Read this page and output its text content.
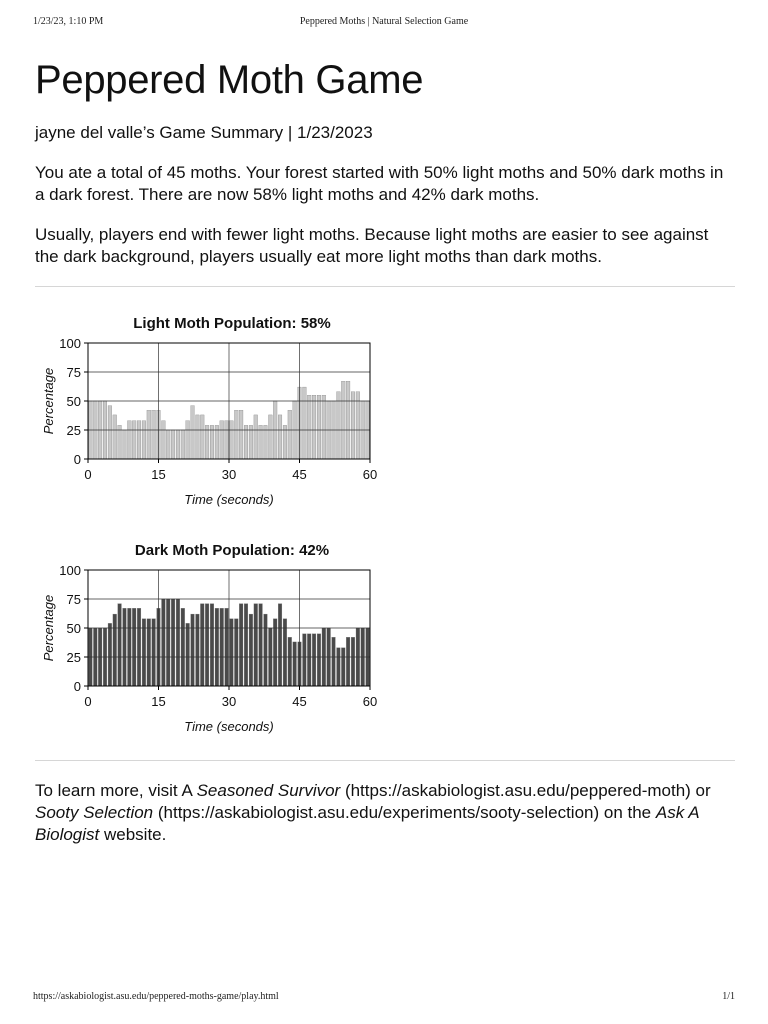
1/23/23, 1:10 PM	Peppered Moths | Natural Selection Game
Peppered Moth Game
jayne del valle’s Game Summary | 1/23/2023

You ate a total of 45 moths. Your forest started with 50% light moths and 50% dark moths in a dark forest. There are now 58% light moths and 42% dark moths.

Usually, players end with fewer light moths. Because light moths are easier to see against the dark background, players usually eat more light moths than dark moths.

Light Moth Population: 58%
0
25
50
75
100
0	15	30	45	60
Time (seconds)
Percentage
Dark Moth Population: 42%
0
25
50
75
100
0	15	30	45	60
Time (seconds)
Percentage
To learn more, visit A Seasoned Survivor (https://askabiologist.asu.edu/peppered-moth) or Sooty Selection (https://askabiologist.asu.edu/experiments/sooty-selection) on the Ask A Biologist website.
https://askabiologist.asu.edu/peppered-moths-game/play.html	1/1
